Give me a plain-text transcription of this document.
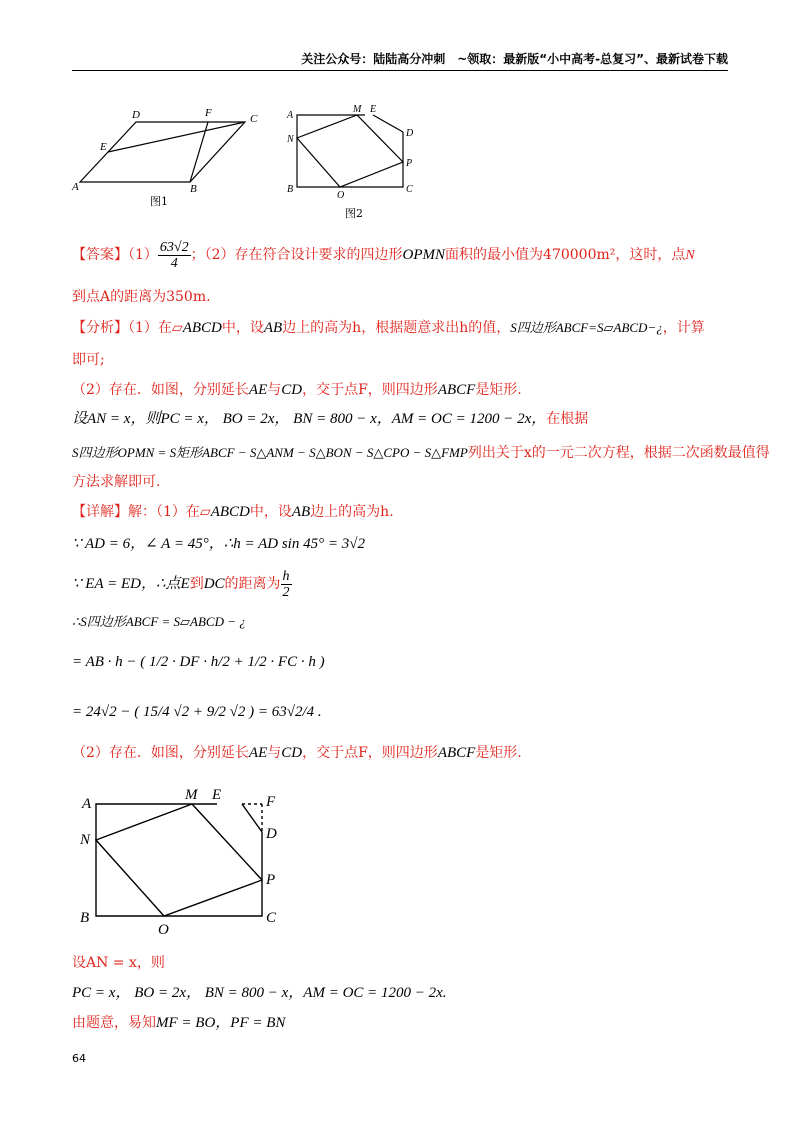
关注公众号：陆陆高分冲刺　~领取：最新版“小中高考-总复习”、最新试卷下载
A	B
C
D
E
F
图1
A
B	C
D
E
M
N
O
P
图2
【答案】$(1) \frac{63√2}{4}$ ；（2）存在符合设计要求的四边形OPMN面积的最小值为470000m²，这时，点N
到点A的距离为350m.
【分析】（1）在▱ABCD中，设AB边上的高为h，根据题意求出h的值，S四边形ABCF=S▱ABCD−¿，计算
即可;
（2）存在．如图，分别延长AE与CD，交于点F，则四边形ABCF是矩形.
设AN = x，则PC = x， BO = 2x， BN = 800 − x，AM = OC = 1200 − 2x，在根据
S四边形OPMN = S矩形ABCF − S△ANM − S△BON − S△CPO − S△FMP列出关于x的一元二次方程，根据二次函数最值得
方法求解即可.
【详解】解：（1）在▱ABCD中，设AB边上的高为h.
∵ AD = 6，∠ A = 45°，∴h = AD sin 45° = 3√2
∵ EA = ED，∴点E到DC的距离为 $\frac{h}{2}$
∴S四边形ABCF = S▱ABCD − ¿
= AB · h − ( 1/2 · DF · h/2 + 1/2 · FC · h )
= 24√2 − ( 15/4 √2 + 9/2 √2 ) = 63√2/4 .
（2）存在．如图，分别延长AE与CD，交于点F，则四边形ABCF是矩形.
A
B	C
D
E	F
M
N
O
P
设AN = x，则
PC = x， BO = 2x， BN = 800 − x，AM = OC = 1200 − 2x.
由题意，易知MF = BO，PF = BN
64
